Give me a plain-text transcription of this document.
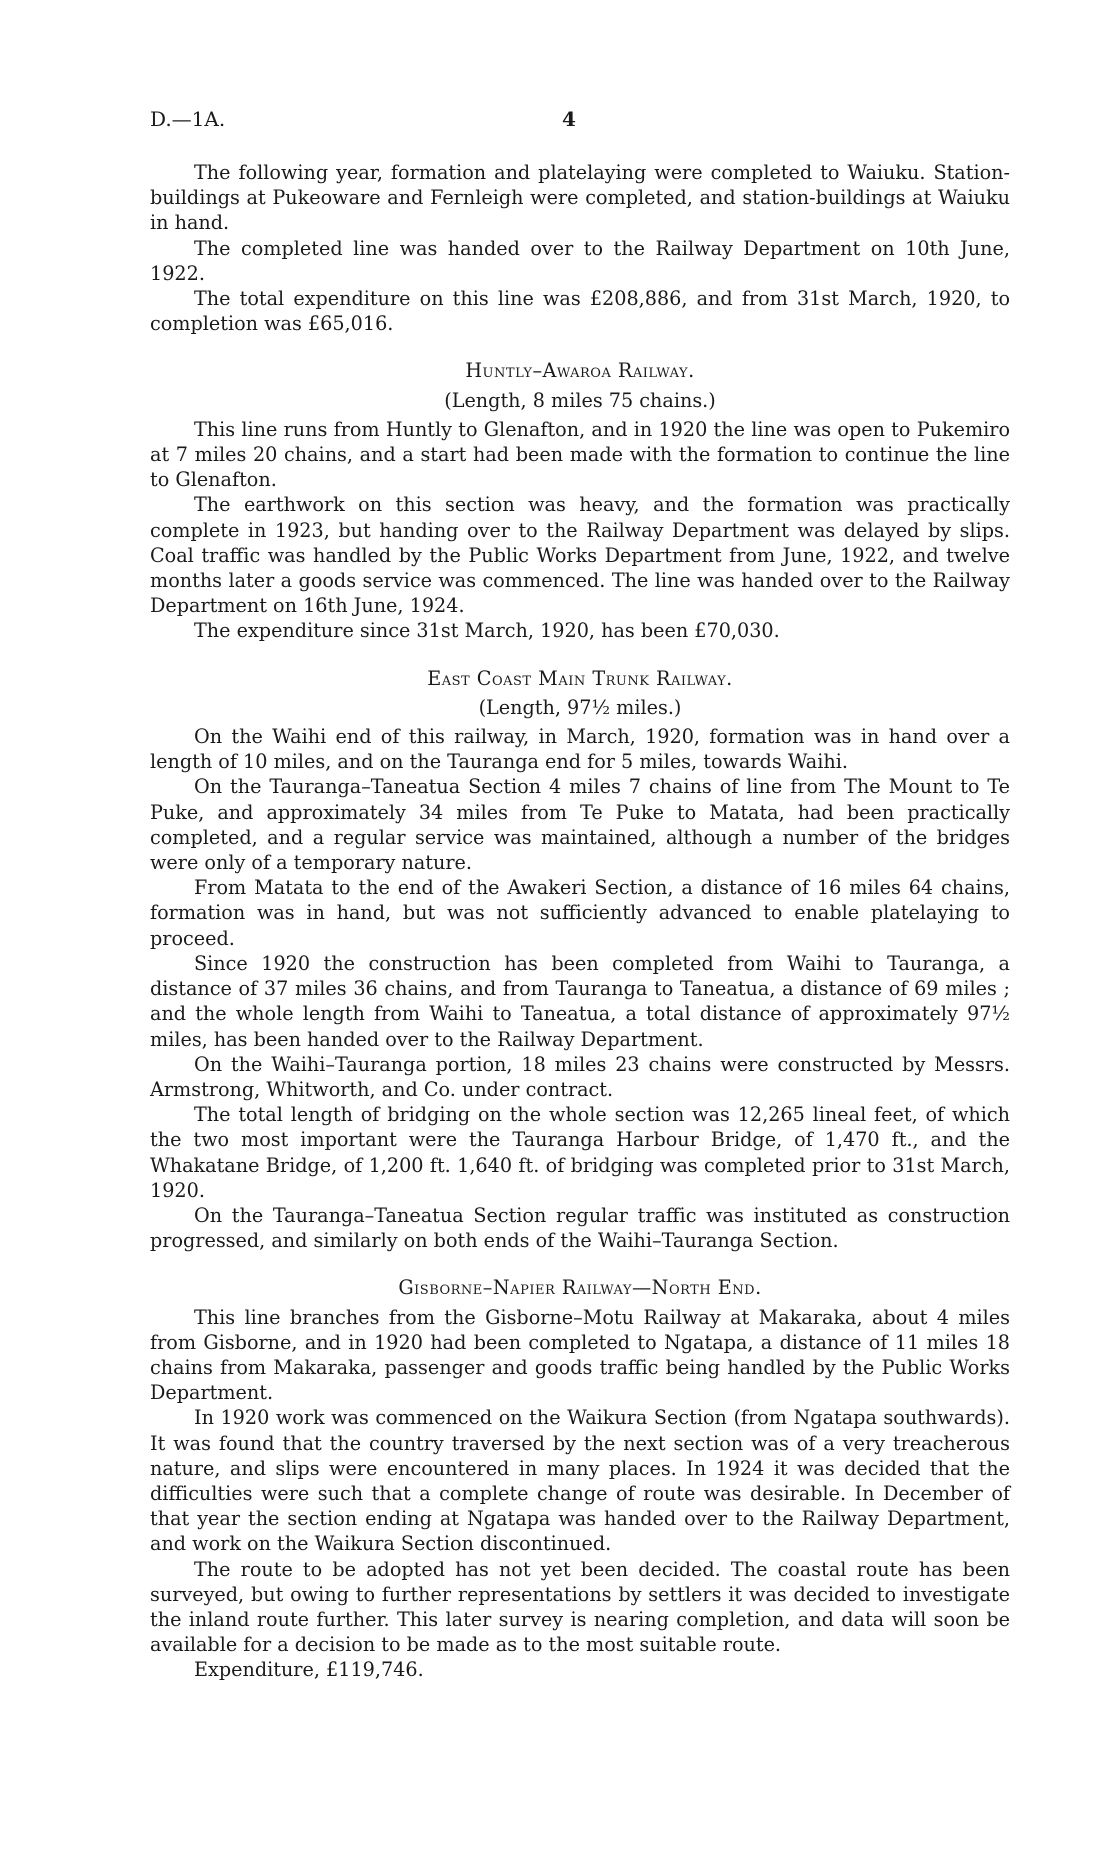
D.—1A.	4

The following year, formation and platelaying were completed to Waiuku. Station-buildings at Pukeoware and Fernleigh were completed, and station-buildings at Waiuku in hand.

The completed line was handed over to the Railway Department on 10th June, 1922.

The total expenditure on this line was £208,886, and from 31st March, 1920, to completion was £65,016.

Huntly–Awaroa Railway.

(Length, 8 miles 75 chains.)

This line runs from Huntly to Glenafton, and in 1920 the line was open to Pukemiro at 7 miles 20 chains, and a start had been made with the formation to continue the line to Glenafton.

The earthwork on this section was heavy, and the formation was practically complete in 1923, but handing over to the Railway Department was delayed by slips. Coal traffic was handled by the Public Works Department from June, 1922, and twelve months later a goods service was commenced. The line was handed over to the Railway Department on 16th June, 1924.

The expenditure since 31st March, 1920, has been £70,030.

East Coast Main Trunk Railway.

(Length, 97½ miles.)

On the Waihi end of this railway, in March, 1920, formation was in hand over a length of 10 miles, and on the Tauranga end for 5 miles, towards Waihi.

On the Tauranga–Taneatua Section 4 miles 7 chains of line from The Mount to Te Puke, and approximately 34 miles from Te Puke to Matata, had been practically completed, and a regular service was maintained, although a number of the bridges were only of a temporary nature.

From Matata to the end of the Awakeri Section, a distance of 16 miles 64 chains, formation was in hand, but was not sufficiently advanced to enable platelaying to proceed.

Since 1920 the construction has been completed from Waihi to Tauranga, a distance of 37 miles 36 chains, and from Tauranga to Taneatua, a distance of 69 miles ; and the whole length from Waihi to Taneatua, a total distance of approximately 97½ miles, has been handed over to the Railway Department.

On the Waihi–Tauranga portion, 18 miles 23 chains were constructed by Messrs. Armstrong, Whitworth, and Co. under contract.

The total length of bridging on the whole section was 12,265 lineal feet, of which the two most important were the Tauranga Harbour Bridge, of 1,470 ft., and the Whakatane Bridge, of 1,200 ft. 1,640 ft. of bridging was completed prior to 31st March, 1920.

On the Tauranga–Taneatua Section regular traffic was instituted as construction progressed, and similarly on both ends of the Waihi–Tauranga Section.

Gisborne–Napier Railway—North End.

This line branches from the Gisborne–Motu Railway at Makaraka, about 4 miles from Gisborne, and in 1920 had been completed to Ngatapa, a distance of 11 miles 18 chains from Makaraka, passenger and goods traffic being handled by the Public Works Department.

In 1920 work was commenced on the Waikura Section (from Ngatapa southwards). It was found that the country traversed by the next section was of a very treacherous nature, and slips were encountered in many places. In 1924 it was decided that the difficulties were such that a complete change of route was desirable. In December of that year the section ending at Ngatapa was handed over to the Railway Department, and work on the Waikura Section discontinued.

The route to be adopted has not yet been decided. The coastal route has been surveyed, but owing to further representations by settlers it was decided to investigate the inland route further. This later survey is nearing completion, and data will soon be available for a decision to be made as to the most suitable route.

Expenditure, £119,746.
